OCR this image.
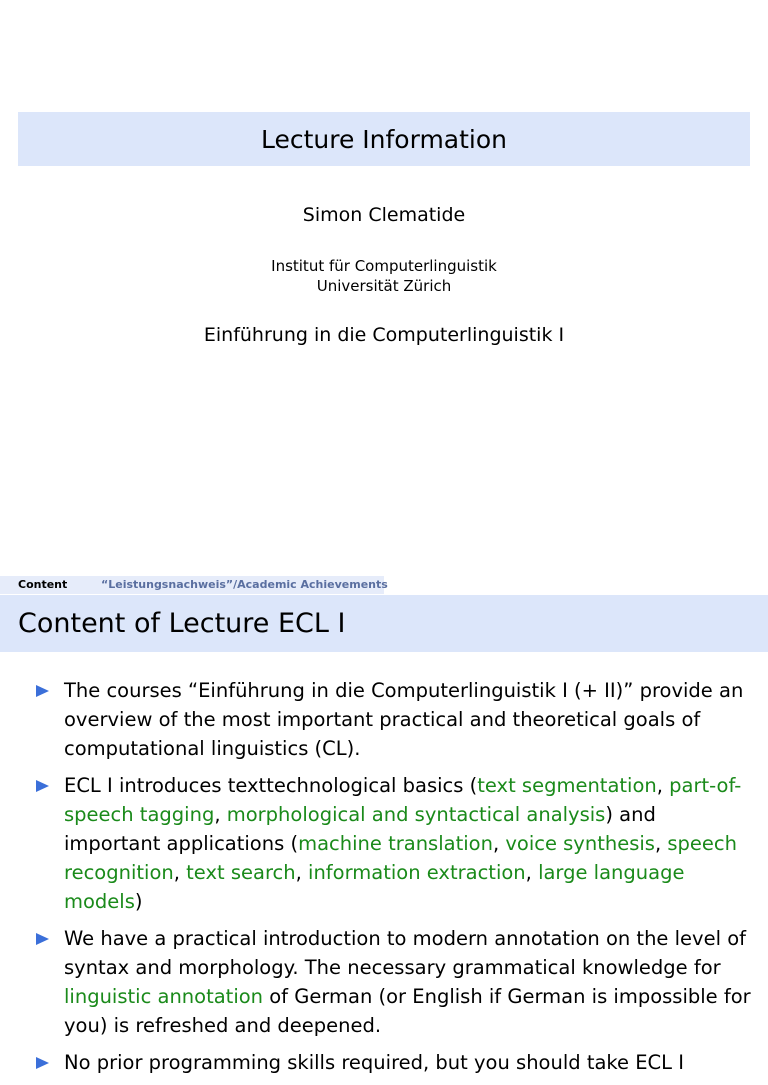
Lecture Information
Simon Clematide
Institut für Computerlinguistik
Universität Zürich
Einführung in die Computerlinguistik I
Content	“Leistungsnachweis”/Academic Achievements
Content of Lecture ECL I
The courses “Einführung in die Computerlinguistik I (+ II)” provide an overview of the most important practical and theoretical goals of computational linguistics (CL).
ECL I introduces texttechnological basics (text segmentation, part-of-speech tagging, morphological and syntactical analysis) and important applications (machine translation, voice synthesis, speech recognition, text search, information extraction, large language models)
We have a practical introduction to modern annotation on the level of syntax and morphology. The necessary grammatical knowledge for linguistic annotation of German (or English if German is impossible for you) is refreshed and deepened.
No prior programming skills required, but you should take ECL I
